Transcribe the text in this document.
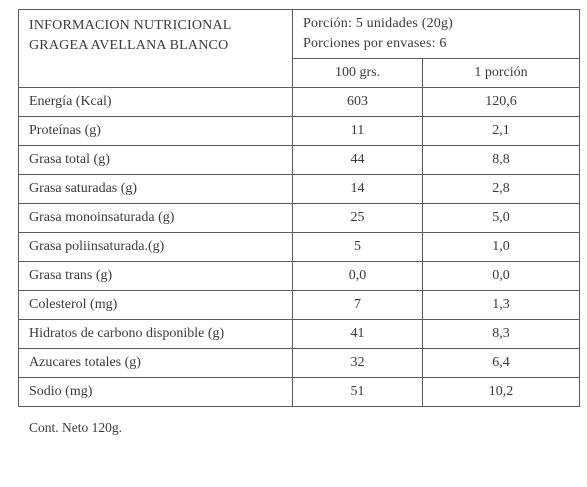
INFORMACION NUTRICIONAL
GRAGEA AVELLANA BLANCO	Porción: 5 unidades (20g)
Porciones por envases: 6	

	100 grs.	1 porción
Energía (Kcal)	603	120,6
Proteínas (g)	11	2,1
Grasa total (g)	44	8,8
Grasa saturadas (g)	14	2,8
Grasa monoinsaturada (g)	25	5,0
Grasa poliinsaturada.(g)	5	1,0
Grasa trans (g)	0,0	0,0
Colesterol (mg)	7	1,3
Hidratos de carbono disponible (g)	41	8,3
Azucares totales (g)	32	6,4
Sodio (mg)	51	10,2
Cont. Neto 120g.
